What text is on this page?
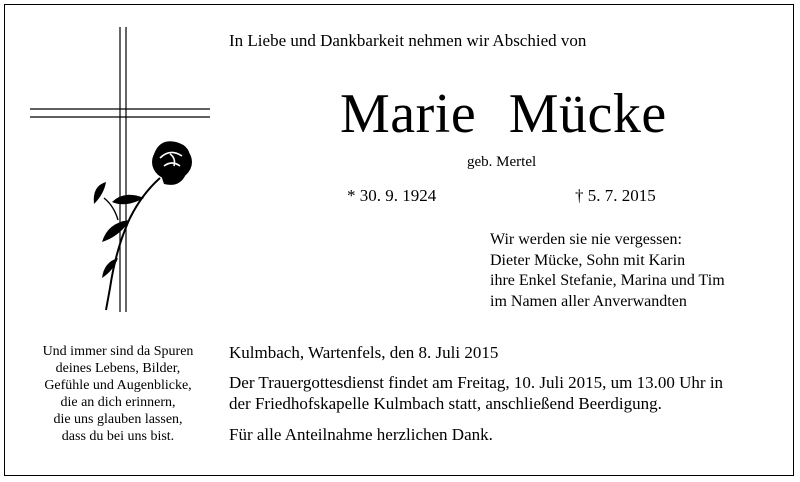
In Liebe und Dankbarkeit nehmen wir Abschied von
Marie Mücke
geb. Mertel
* 30. 9. 1924	† 5. 7. 2015
Wir werden sie nie vergessen:
Dieter Mücke, Sohn mit Karin
ihre Enkel Stefanie, Marina und Tim
im Namen aller Anverwandten
Und immer sind da Spuren
deines Lebens, Bilder,
Gefühle und Augenblicke,
die an dich erinnern,
die uns glauben lassen,
dass du bei uns bist.
Kulmbach, Wartenfels, den 8. Juli 2015
Der Trauergottesdienst findet am Freitag, 10. Juli 2015, um 13.00 Uhr in
der Friedhofskapelle Kulmbach statt, anschließend Beerdigung.
Für alle Anteilnahme herzlichen Dank.
